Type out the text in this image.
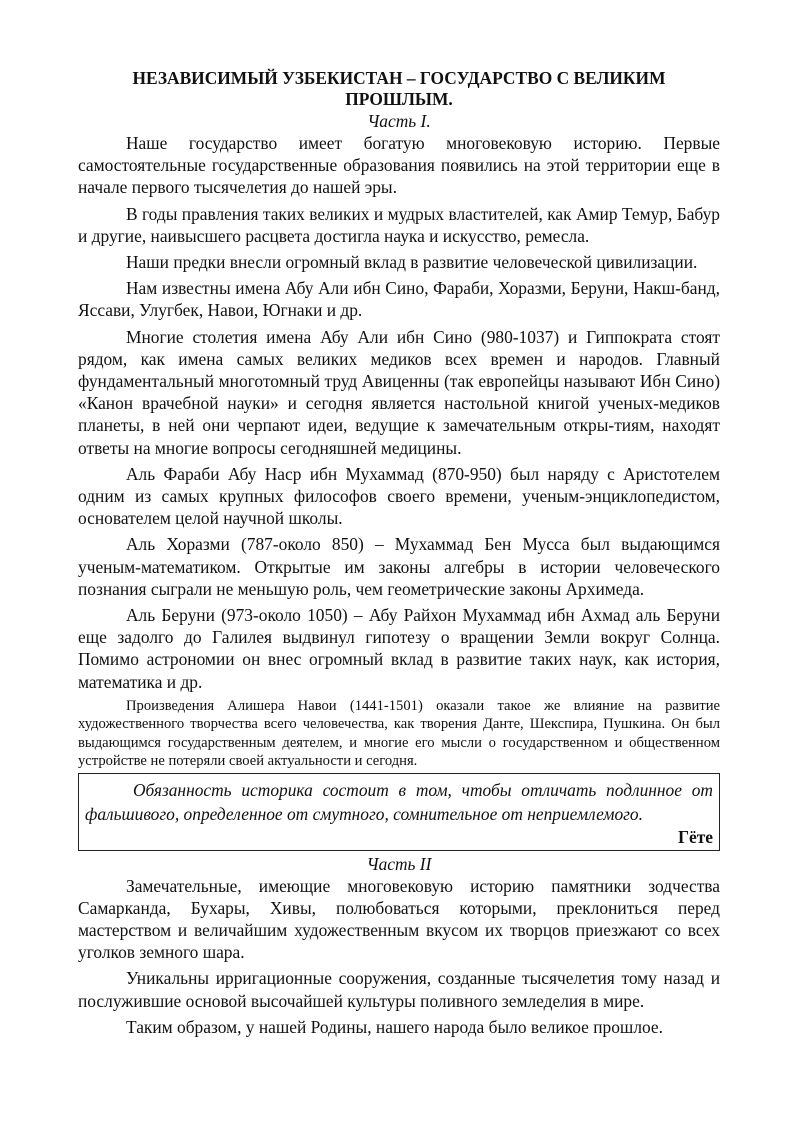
НЕЗАВИСИМЫЙ УЗБЕКИСТАН – ГОСУДАРСТВО С ВЕЛИКИМ ПРОШЛЫМ.
Часть I.

Наше государство имеет богатую многовековую историю. Первые самостоятельные государственные образования появились на этой территории еще в начале первого тысячелетия до нашей эры.

В годы правления таких великих и мудрых властителей, как Амир Темур, Бабур и другие, наивысшего расцвета достигла наука и искусство, ремесла.

Наши предки внесли огромный вклад в развитие человеческой цивилизации.

Нам известны имена Абу Али ибн Сино, Фараби, Хоразми, Беруни, Накш-банд, Яссави, Улугбек, Навои, Югнаки и др.

Многие столетия имена Абу Али ибн Сино (980-1037) и Гиппократа стоят рядом, как имена самых великих медиков всех времен и народов. Главный фундаментальный многотомный труд Авиценны (так европейцы называют Ибн Сино) «Канон врачебной науки» и сегодня является настольной книгой ученых-медиков планеты, в ней они черпают идеи, ведущие к замечательным откры-тиям, находят ответы на многие вопросы сегодняшней медицины.

Аль Фараби Абу Наср ибн Мухаммад (870-950) был наряду с Аристотелем одним из самых крупных философов своего времени, ученым-энциклопедистом, основателем целой научной школы.

Аль Хоразми (787-около 850) – Мухаммад Бен Мусса был выдающимся ученым-математиком. Открытые им законы алгебры в истории человеческого познания сыграли не меньшую роль, чем геометрические законы Архимеда.

Аль Беруни (973-около 1050) – Абу Райхон Мухаммад ибн Ахмад аль Беруни еще задолго до Галилея выдвинул гипотезу о вращении Земли вокруг Солнца. Помимо астрономии он внес огромный вклад в развитие таких наук, как история, математика и др.

Произведения Алишера Навои (1441-1501) оказали такое же влияние на развитие художественного творчества всего человечества, как творения Данте, Шекспира, Пушкина. Он был выдающимся государственным деятелем, и многие его мысли о государственном и общественном устройстве не потеряли своей актуальности и сегодня.

Обязанность историка состоит в том, чтобы отличать подлинное от фальшивого, определенное от смутного, сомнительное от неприемлемого.

Гёте

Часть II

Замечательные, имеющие многовековую историю памятники зодчества Самарканда, Бухары, Хивы, полюбоваться которыми, преклониться перед мастерством и величайшим художественным вкусом их творцов приезжают со всех уголков земного шара.

Уникальны ирригационные сооружения, созданные тысячелетия тому назад и послужившие основой высочайшей культуры поливного земледелия в мире.

Таким образом, у нашей Родины, нашего народа было великое прошлое.
